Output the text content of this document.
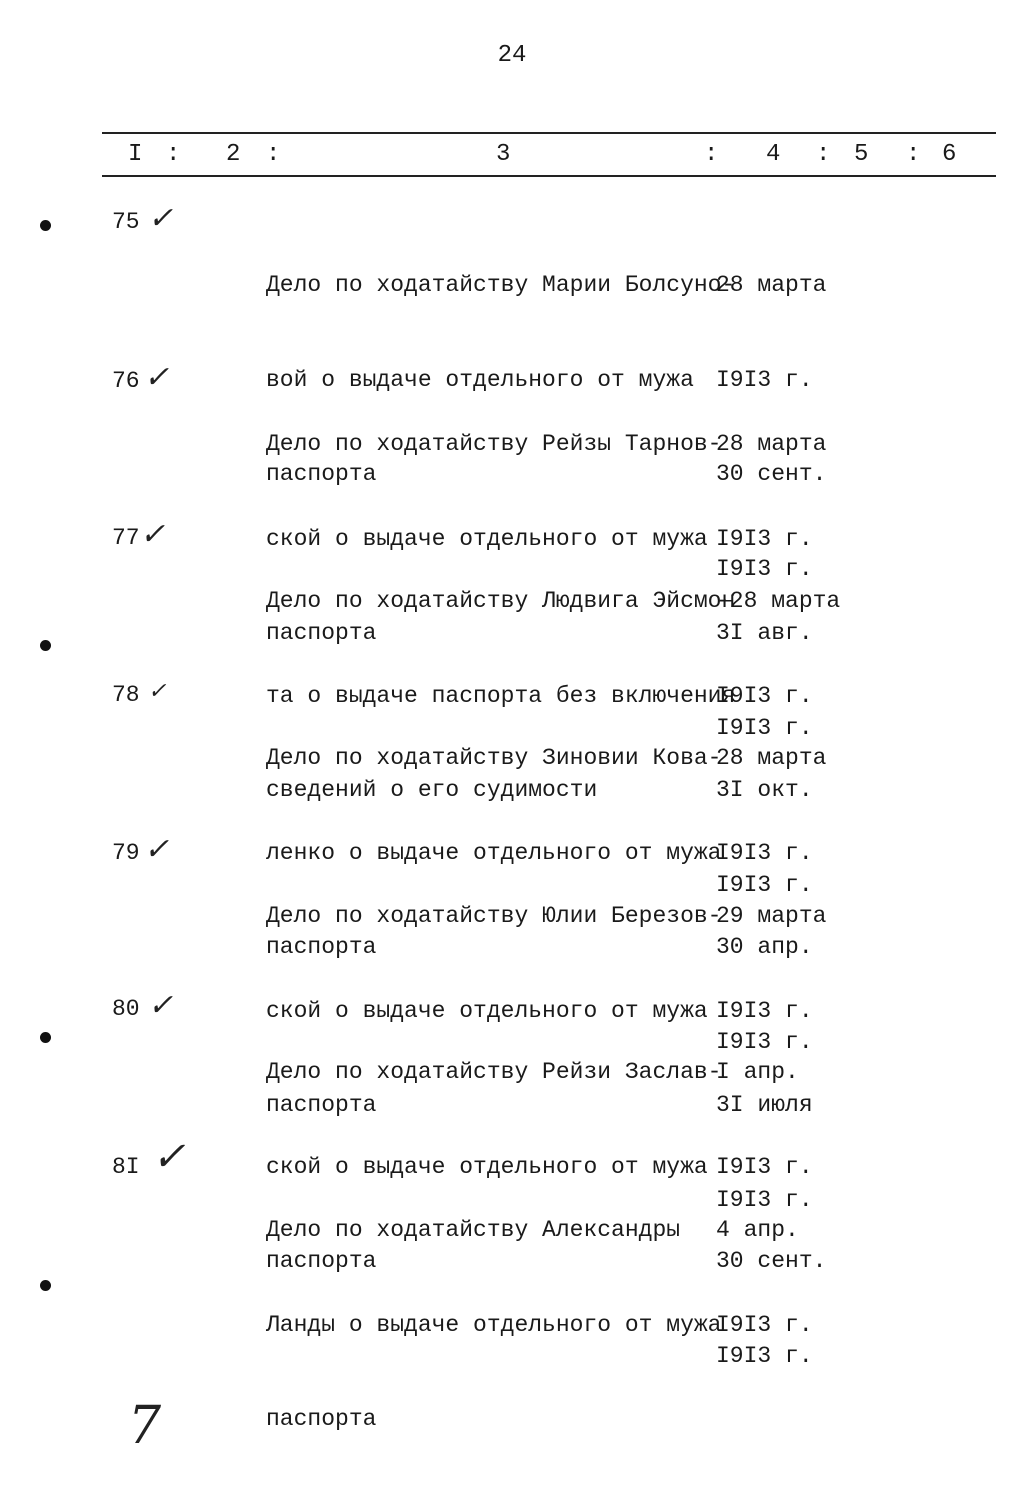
24
I : 2 :	3	: 4 : 5 : 6
75 ✓

Дело по ходатайству Марии Болсуно-

вой о выдаче отдельного от мужа

паспорта

28 марта

I9I3 г.

30 сент.

I9I3 г.

76 ✓

Дело по ходатайству Рейзы Тарнов-

ской о выдаче отдельного от мужа

паспорта

28 марта

I9I3 г.

3I авг.

I9I3 г.

77 ✓

Дело по ходатайству Людвига Эйсмон

та о выдаче паспорта без включения

сведений о его судимости

-28 марта

I9I3 г.

3I окт.

I9I3 г.

78 ✓

Дело по ходатайству Зиновии Кова-

ленко о выдаче отдельного от мужа

паспорта

28 марта

I9I3 г.

30 апр.

I9I3 г.

79 ✓

Дело по ходатайству Юлии Березов-

ской о выдаче отдельного от мужа

паспорта

29 марта

I9I3 г.

3I июля

I9I3 г.

80 ✓

Дело по ходатайству Рейзи Заслав-

ской о выдаче отдельного от мужа

паспорта

I апр.

I9I3 г.

30 сент.

I9I3 г.

8I ✓

Дело по ходатайству Александры

Ланды о выдаче отдельного от мужа

паспорта

4 апр.

I9I3 г.

7
